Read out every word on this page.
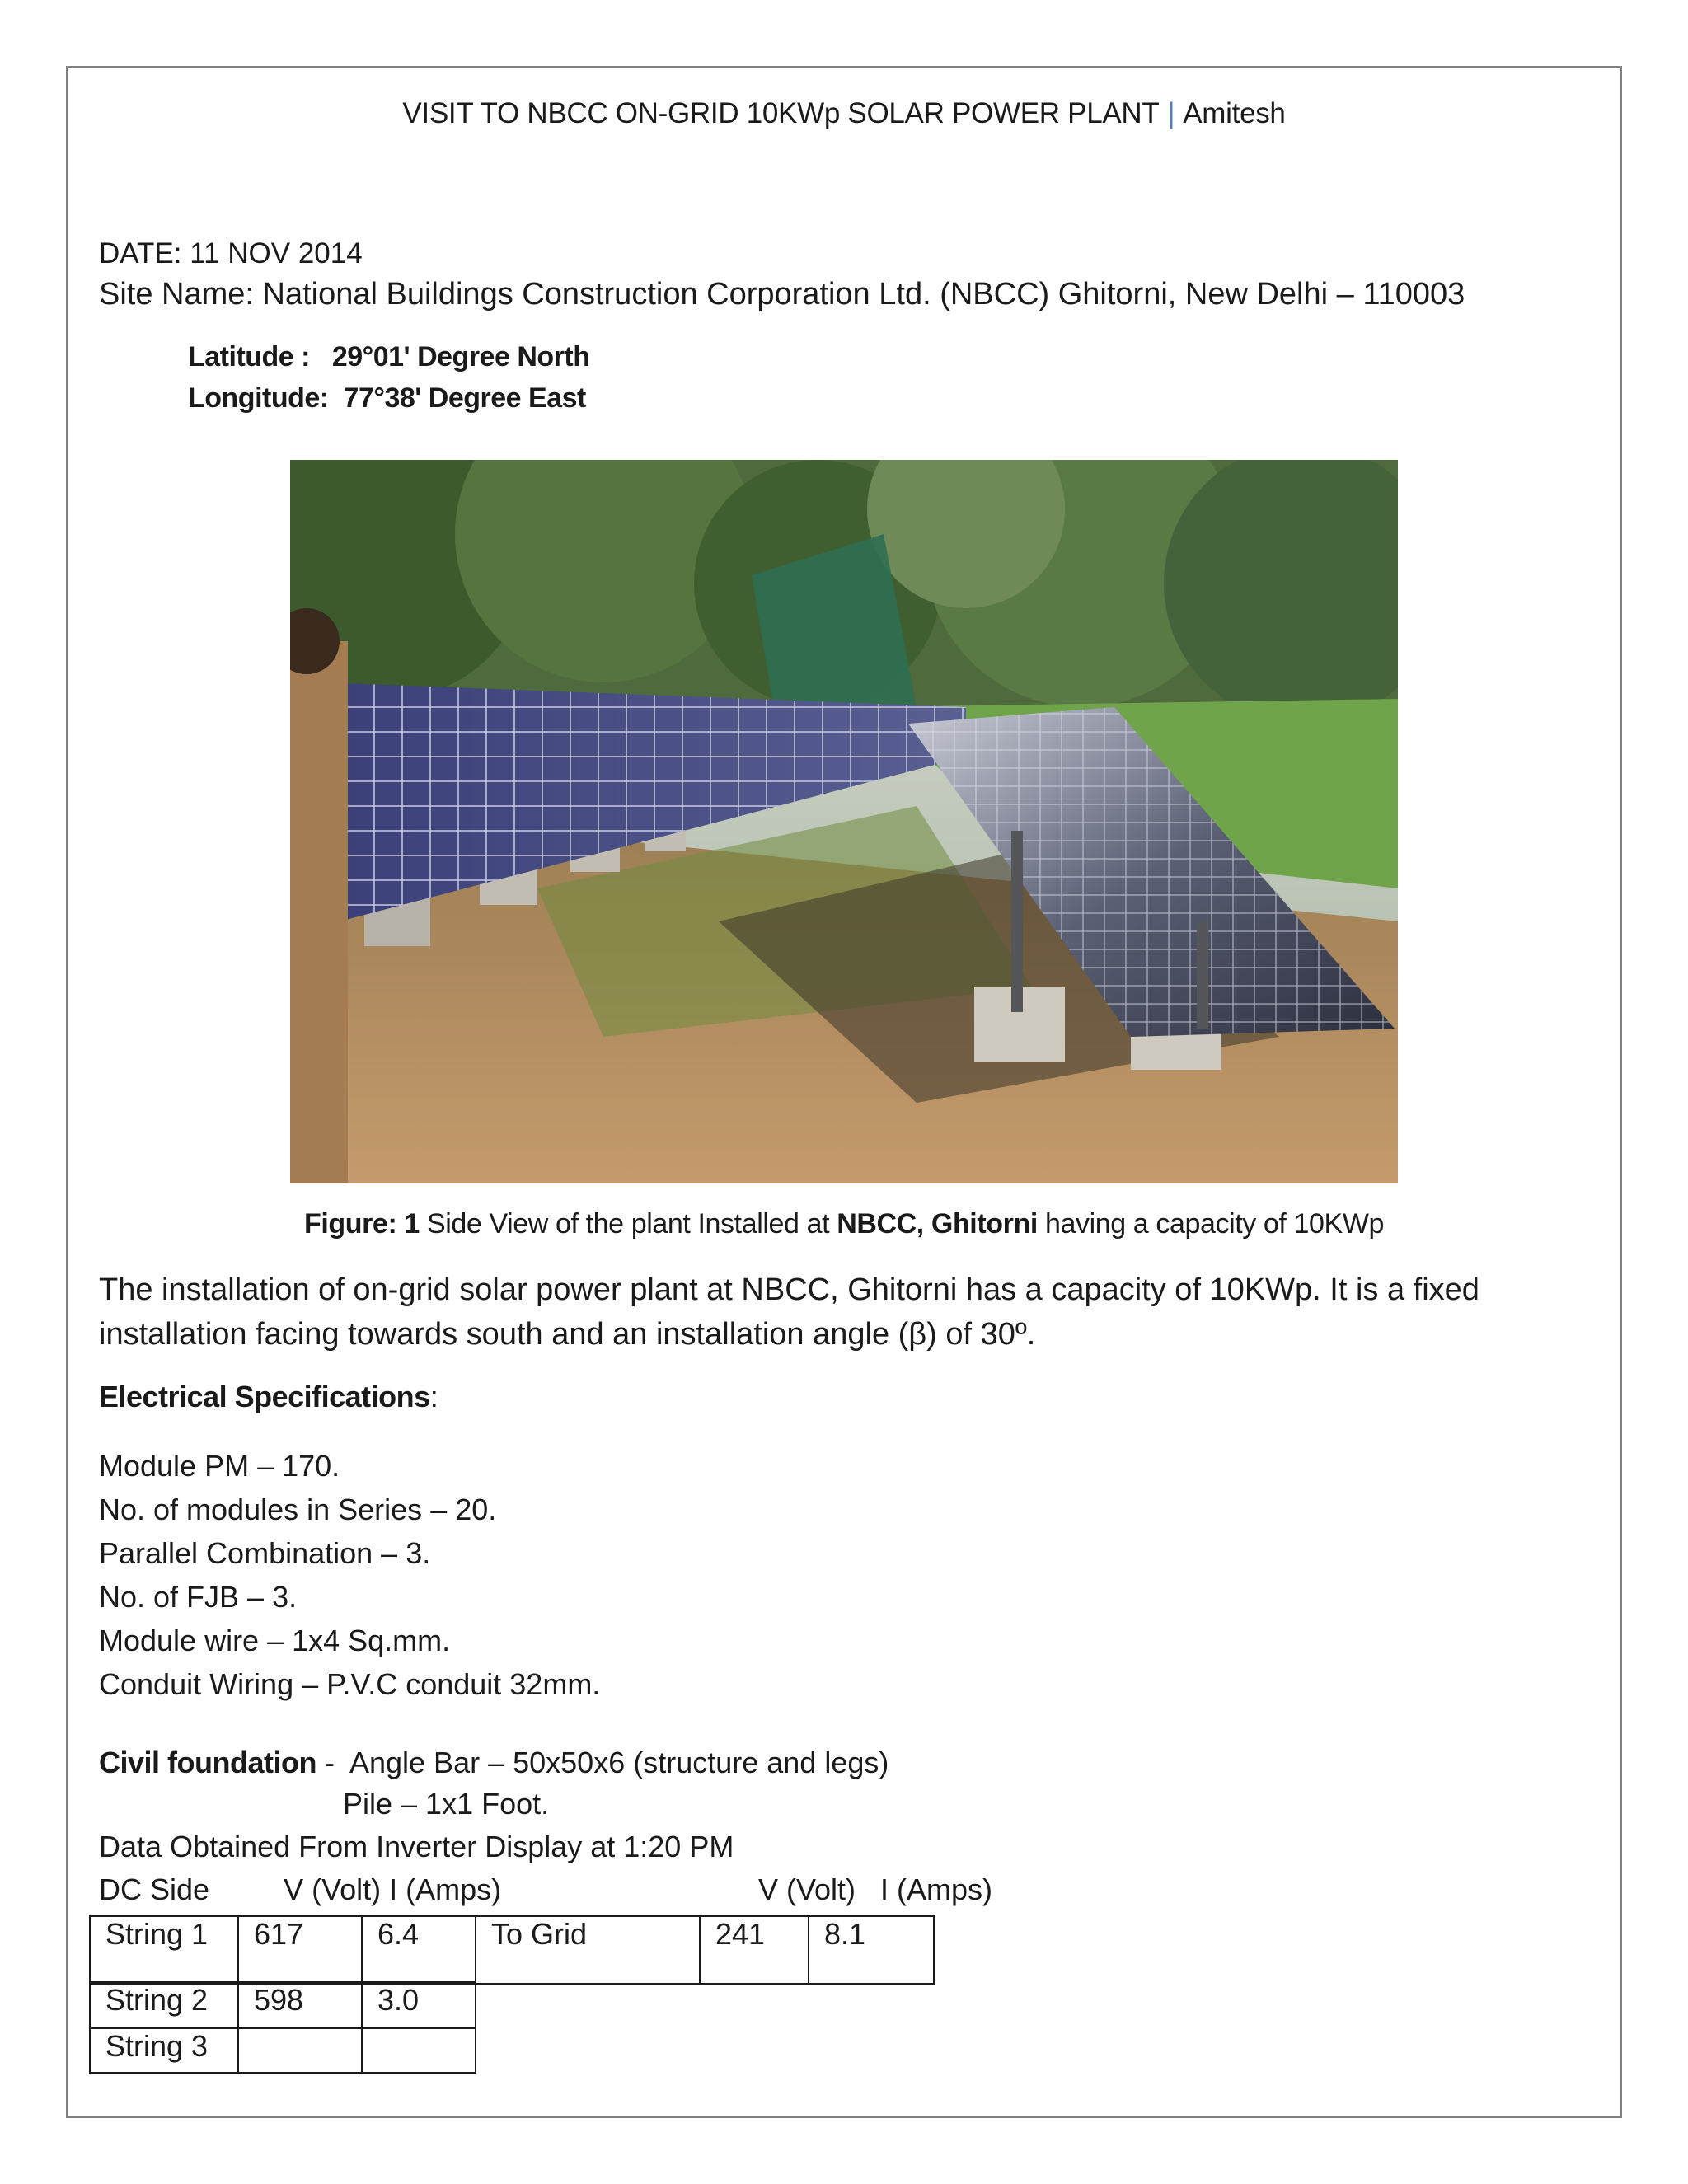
VISIT TO NBCC ON-GRID 10KWp SOLAR POWER PLANT | Amitesh
DATE: 11 NOV 2014
Site Name: National Buildings Construction Corporation Ltd. (NBCC) Ghitorni, New Delhi – 110003
Latitude : 29°01' Degree North
Longitude: 77°38' Degree East
Figure: 1 Side View of the plant Installed at NBCC, Ghitorni having a capacity of 10KWp
The installation of on-grid solar power plant at NBCC, Ghitorni has a capacity of 10KWp. It is a fixed installation facing towards south and an installation angle (β) of 30º.
Electrical Specifications:
Module PM – 170.
No. of modules in Series – 20.
Parallel Combination – 3.
No. of FJB – 3.
Module wire – 1x4 Sq.mm.
Conduit Wiring – P.V.C conduit 32mm.
Civil foundation -  Angle Bar – 50x50x6 (structure and legs)
Pile – 1x1 Foot.
Data Obtained From Inverter Display at 1:20 PM
DC Side         V (Volt) I (Amps)	V (Volt)   I (Amps)
String 1	617	6.4	To Grid	241	8.1
String 2	598	3.0
String 3		
